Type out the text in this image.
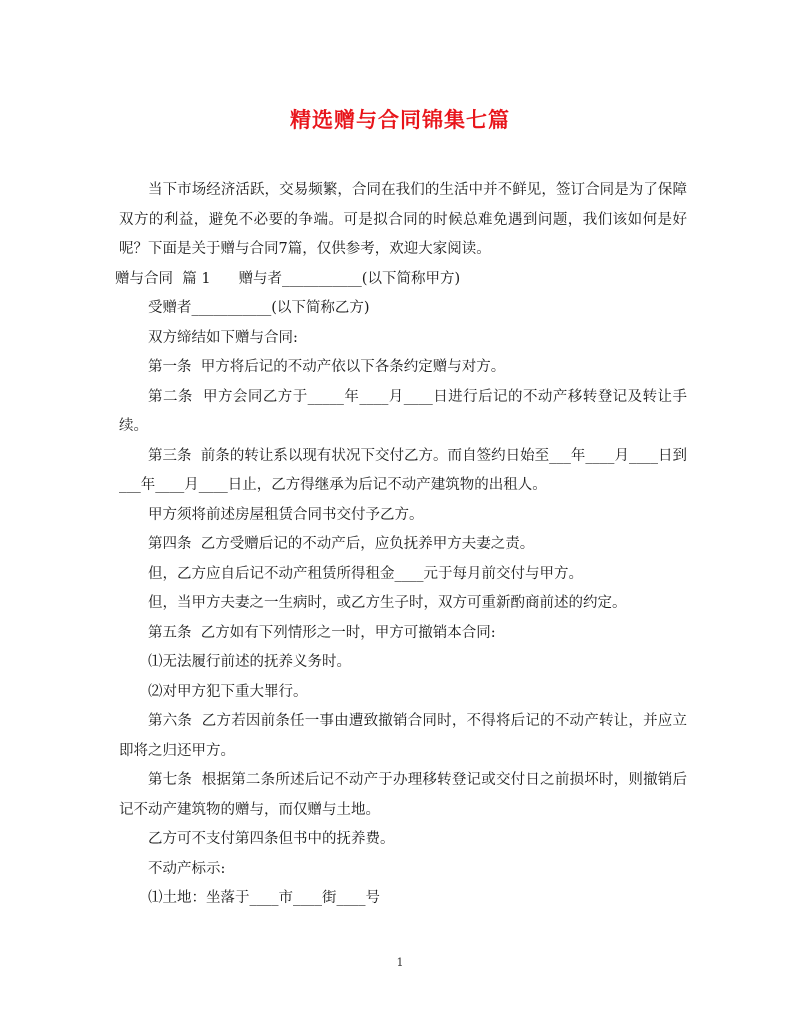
精选赠与合同锦集七篇

当下市场经济活跃，交易频繁，合同在我们的生活中并不鲜见，签订合同是为了保障双方的利益，避免不必要的争端。可是拟合同的时候总难免遇到问题，我们该如何是好呢？下面是关于赠与合同7篇，仅供参考，欢迎大家阅读。

赠与合同  篇 1 赠与者___________(以下简称甲方)

受赠者___________(以下简称乙方)

双方缔结如下赠与合同:

第一条  甲方将后记的不动产依以下各条约定赠与对方。

第二条  甲方会同乙方于_____年____月____日进行后记的不动产移转登记及转让手续。

第三条  前条的转让系以现有状况下交付乙方。而自签约日始至___年____月____日到___年____月____日止，乙方得继承为后记不动产建筑物的出租人。

甲方须将前述房屋租赁合同书交付予乙方。

第四条  乙方受赠后记的不动产后，应负抚养甲方夫妻之责。

但，乙方应自后记不动产租赁所得租金____元于每月前交付与甲方。

但，当甲方夫妻之一生病时，或乙方生子时，双方可重新酌商前述的约定。

第五条  乙方如有下列情形之一时，甲方可撤销本合同:

⑴无法履行前述的抚养义务时。

⑵对甲方犯下重大罪行。

第六条  乙方若因前条任一事由遭致撤销合同时，不得将后记的不动产转让，并应立即将之归还甲方。

第七条  根据第二条所述后记不动产于办理移转登记或交付日之前损坏时，则撤销后记不动产建筑物的赠与，而仅赠与土地。

乙方可不支付第四条但书中的抚养费。

不动产标示:

⑴土地：坐落于____市____街____号

1
